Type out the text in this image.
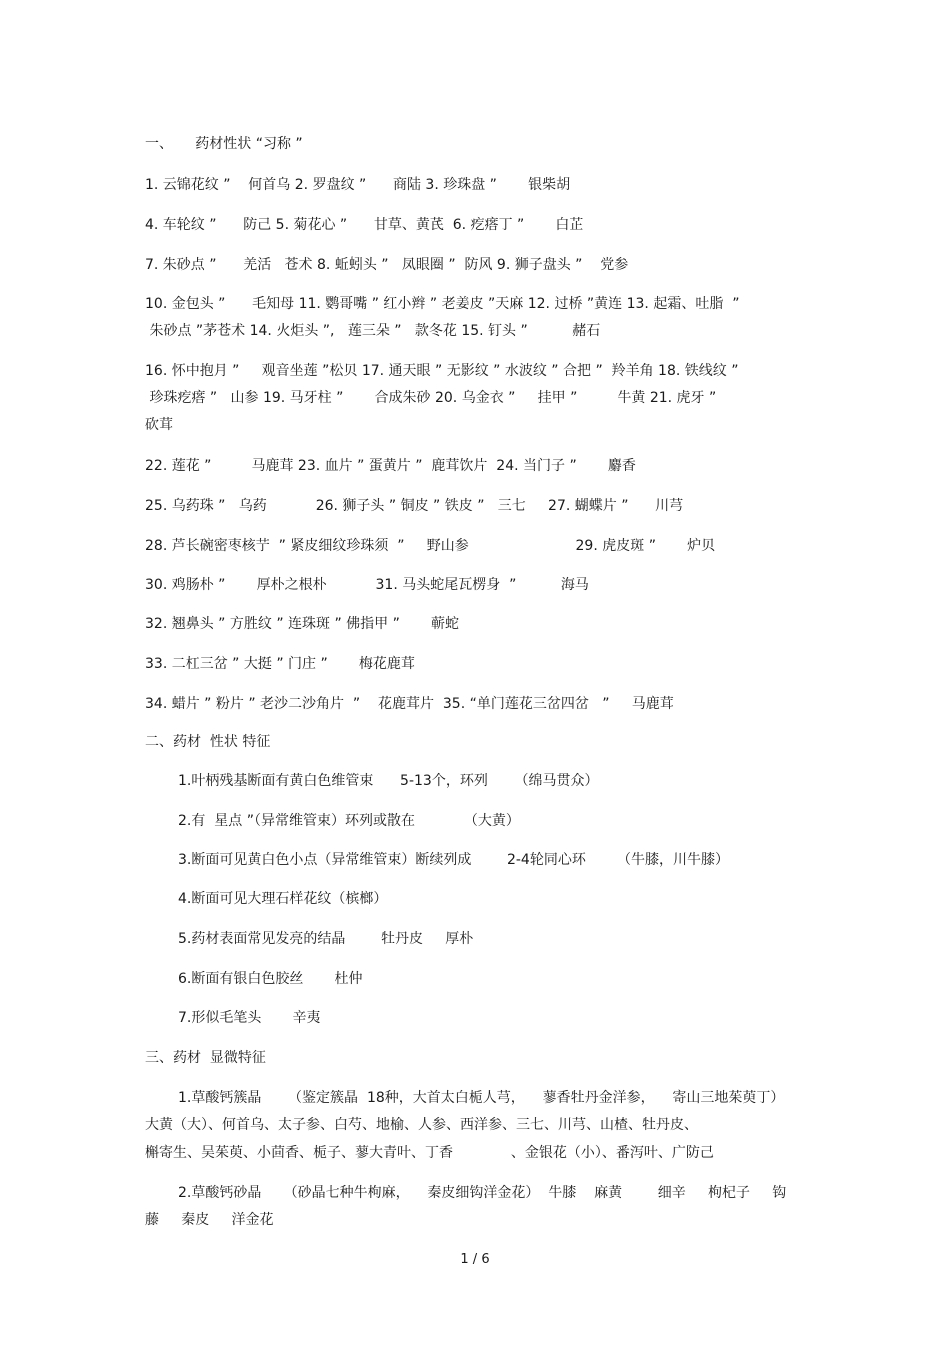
一、     药材性状 “习称 ”
1. 云锦花纹 ”    何首乌 2. 罗盘纹 ”      商陆 3. 珍珠盘 ”       银柴胡
4. 车轮纹 ”      防己 5. 菊花心 ”      甘草、黄芪  6. 疙瘩丁 ”       白芷
7. 朱砂点 ”      羌活   苍术 8. 蚯蚓头 ”   凤眼圈 ”  防风 9. 狮子盘头 ”    党参
10. 金包头 ”      毛知母 11. 鹦哥嘴 ” 红小辫 ” 老姜皮 ”天麻 12. 过桥 ”黄连 13. 起霜、吐脂  ”
朱砂点 ”茅苍术 14. 火炬头 ”,   莲三朵 ”   款冬花 15. 钉头 ”          赭石
16. 怀中抱月 ”     观音坐莲 ”松贝 17. 通天眼 ” 无影纹 ” 水波纹 ” 合把 ”  羚羊角 18. 铁线纹 ”
珍珠疙瘩 ”   山参 19. 马牙柱 ”       合成朱砂 20. 乌金衣 ”     挂甲 ”         牛黄 21. 虎牙 ”
砍茸
22. 莲花 ”         马鹿茸 23. 血片 ” 蛋黄片 ”  鹿茸饮片  24. 当门子 ”       麝香
25. 乌药珠 ”   乌药           26. 狮子头 ” 铜皮 ” 铁皮 ”   三七     27. 蝴蝶片 ”      川芎
28. 芦长碗密枣核艼  ” 紧皮细纹珍珠须  ”     野山参                        29. 虎皮斑 ”       炉贝
30. 鸡肠朴 ”       厚朴之根朴           31. 马头蛇尾瓦楞身  ”          海马
32. 翘鼻头 ” 方胜纹 ” 连珠斑 ” 佛指甲 ”       蕲蛇
33. 二杠三岔 ” 大挺 ” 门庄 ”       梅花鹿茸
34. 蜡片 ” 粉片 ” 老沙二沙角片  ”    花鹿茸片  35. “单门莲花三岔四岔   ”     马鹿茸
二、药材  性状 特征
1.叶柄残基断面有黄白色维管束      5-13个，环列      （绵马贯众）
2.有  星点 ”（异常维管束）环列或散在           （大黄）
3.断面可见黄白色小点（异常维管束）断续列成        2-4轮同心环       （牛膝，川牛膝）
4.断面可见大理石样花纹（槟榔）
5.药材表面常见发亮的结晶        牡丹皮     厚朴
6.断面有银白色胶丝       杜仲
7.形似毛笔头       辛夷
三、药材  显微特征
1.草酸钙簇晶      （鉴定簇晶  18种，大首太白栀人芎，    蓼香牡丹金洋参，    寄山三地茱萸丁）
大黄（大）、何首乌、太子参、白芍、地榆、人参、西洋参、三七、川芎、山楂、牡丹皮、
槲寄生、吴茱萸、小茴香、栀子、蓼大青叶、丁香             、金银花（小）、番泻叶、广防己
2.草酸钙砂晶     （砂晶七种牛枸麻，    秦皮细钩洋金花）  牛膝    麻黄        细辛     枸杞子     钩
藤     秦皮     洋金花
1 / 6
